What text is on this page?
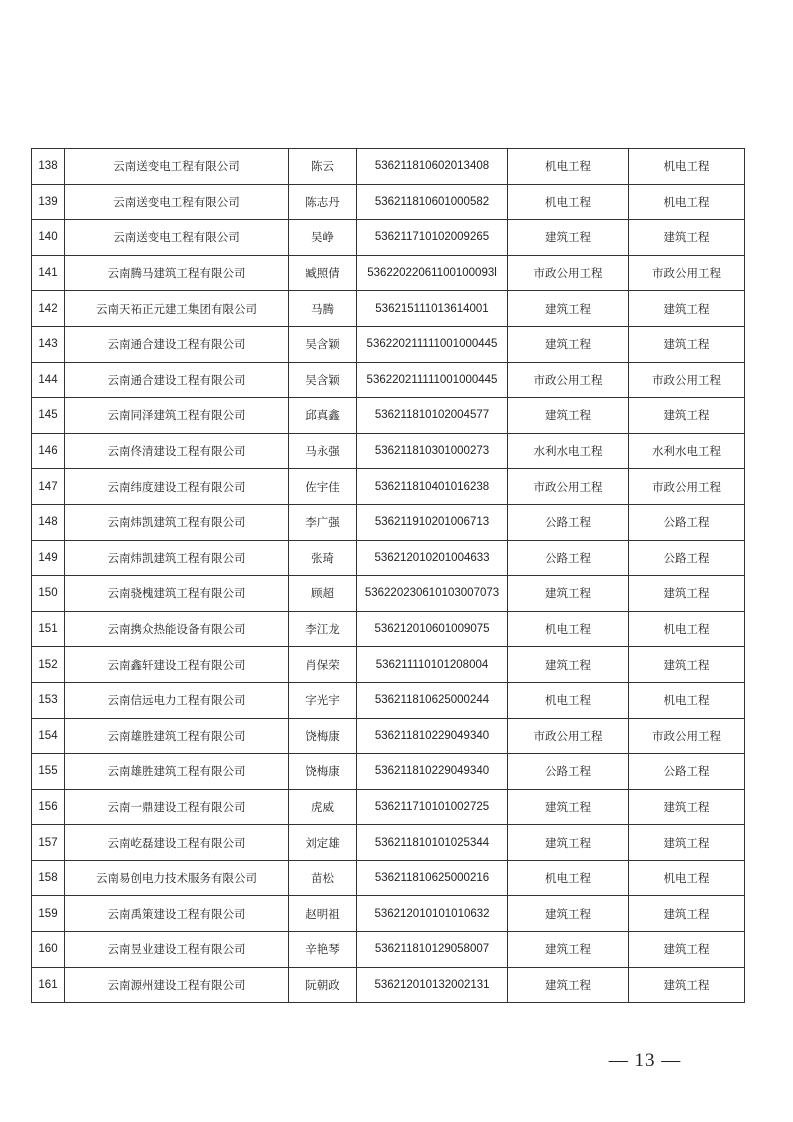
138	云南送变电工程有限公司	陈云	536211810602013408	机电工程	机电工程
139	云南送变电工程有限公司	陈志丹	536211810601000582	机电工程	机电工程
140	云南送变电工程有限公司	吴峥	536211710102009265	建筑工程	建筑工程
141	云南腾马建筑工程有限公司	臧照倩	53622022061100100093l	市政公用工程	市政公用工程
142	云南天祏正元建工集团有限公司	马腾	536215111013614001	建筑工程	建筑工程
143	云南通合建设工程有限公司	吴含颖	53622021111100100044​5	建筑工程	建筑工程
144	云南通合建设工程有限公司	吴含颖	536220211111001000445	市政公用工程	市政公用工程
145	云南同泽建筑工程有限公司	邱真鑫	536211810102004577	建筑工程	建筑工程
146	云南佟清建设工程有限公司	马永强	536211810301000273	水利水电工程	水利水电工程
147	云南纬度建设工程有限公司	佐宇佳	536211810401016238	市政公用工程	市政公用工程
148	云南炜凯建筑工程有限公司	李广强	536211910201006713	公路工程	公路工程
149	云南炜凯建筑工程有限公司	张琦	536212010201004633	公路工程	公路工程
150	云南骁槐建筑工程有限公司	顾超	536220230610103007073	建筑工程	建筑工程
151	云南携众热能设备有限公司	李江龙	536212010601009075	机电工程	机电工程
152	云南鑫轩建设工程有限公司	肖保荣	536211110101208004	建筑工程	建筑工程
153	云南信远电力工程有限公司	字光宇	536211810625000244	机电工程	机电工程
154	云南雄胜建筑工程有限公司	饶梅康	536211810229049340	市政公用工程	市政公用工程
155	云南雄胜建筑工程有限公司	饶梅康	536211810229049340	公路工程	公路工程
156	云南一鼎建设工程有限公司	虎威	536211710101002725	建筑工程	建筑工程
157	云南屹磊建设工程有限公司	刘定雄	536211810101025344	建筑工程	建筑工程
158	云南易创电力技术服务有限公司	苗松	536211810625000216	机电工程	机电工程
159	云南禹策建设工程有限公司	赵明祖	536212010101010632	建筑工程	建筑工程
160	云南昱业建设工程有限公司	辛艳琴	536211810129058007	建筑工程	建筑工程
161	云南源州建设工程有限公司	阮朝政	536212010132002131	建筑工程	建筑工程
— 13 —
